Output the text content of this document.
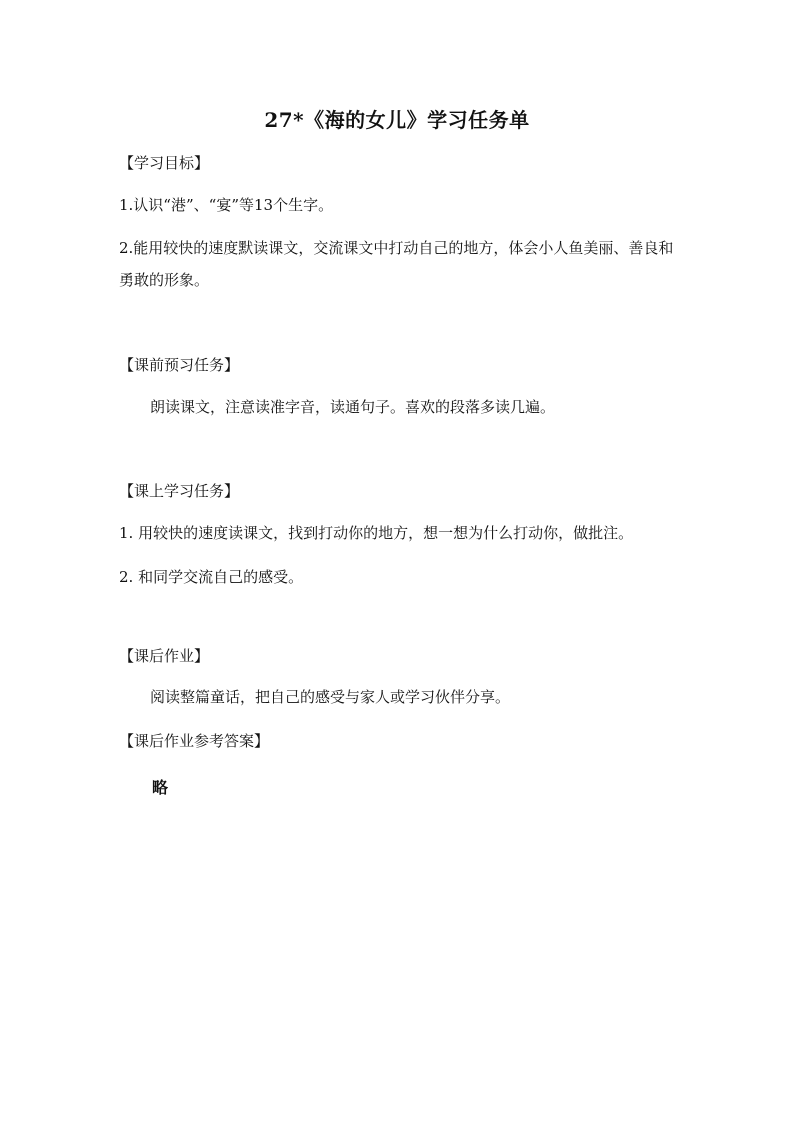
27*《海的女儿》学习任务单
【学习目标】
1.认识“港”、“宴”等13个生字。
2.能用较快的速度默读课文，交流课文中打动自己的地方，体会小人鱼美丽、善良和勇敢的形象。
【课前预习任务】
朗读课文，注意读准字音，读通句子。喜欢的段落多读几遍。
【课上学习任务】
1. 用较快的速度读课文，找到打动你的地方，想一想为什么打动你，做批注。
2. 和同学交流自己的感受。
【课后作业】
阅读整篇童话，把自己的感受与家人或学习伙伴分享。
【课后作业参考答案】
略
